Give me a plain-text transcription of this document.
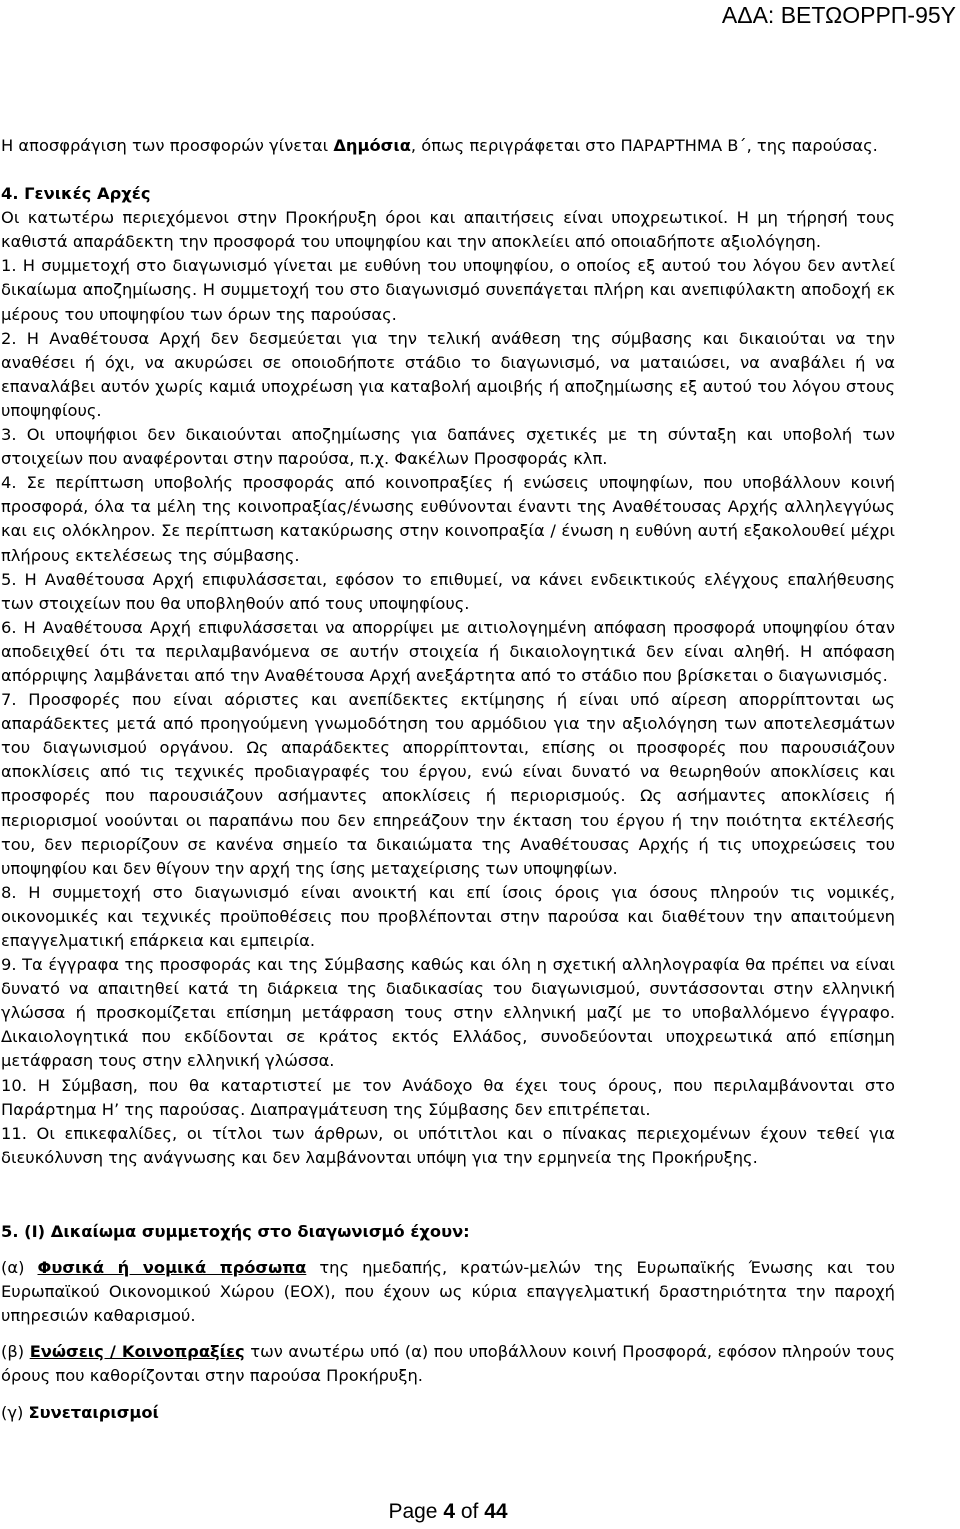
ΑΔΑ: ΒΕΤΩΟΡΡΠ-95Υ

Η αποσφράγιση των προσφορών γίνεται Δημόσια, όπως περιγράφεται στο ΠΑΡΑΡΤΗΜΑ Β΄, της παρούσας.

4. Γενικές Αρχές

Οι κατωτέρω περιεχόμενοι στην Προκήρυξη όροι και απαιτήσεις είναι υποχρεωτικοί. Η μη τήρησή τους καθιστά απαράδεκτη την προσφορά του υποψηφίου και την αποκλείει από οποιαδήποτε αξιολόγηση.

1. Η συμμετοχή στο διαγωνισμό γίνεται με ευθύνη του υποψηφίου, ο οποίος εξ αυτού του λόγου δεν αντλεί δικαίωμα αποζημίωσης. Η συμμετοχή του στο διαγωνισμό συνεπάγεται πλήρη και ανεπιφύλακτη αποδοχή εκ μέρους του υποψηφίου των όρων της παρούσας.

2. Η Αναθέτουσα Αρχή δεν δεσμεύεται για την τελική ανάθεση της σύμβασης και δικαιούται να την αναθέσει ή όχι, να ακυρώσει σε οποιοδήποτε στάδιο το διαγωνισμό, να ματαιώσει, να αναβάλει ή να επαναλάβει αυτόν χωρίς καμιά υποχρέωση για καταβολή αμοιβής ή αποζημίωσης εξ αυτού του λόγου στους υποψηφίους.

3. Οι υποψήφιοι δεν δικαιούνται αποζημίωσης για δαπάνες σχετικές με τη σύνταξη και υποβολή των στοιχείων που αναφέρονται στην παρούσα, π.χ. Φακέλων Προσφοράς κλπ.

4. Σε περίπτωση υποβολής προσφοράς από κοινοπραξίες ή ενώσεις υποψηφίων, που υποβάλλουν κοινή προσφορά, όλα τα μέλη της κοινοπραξίας/ένωσης ευθύνονται έναντι της Αναθέτουσας Αρχής αλληλεγγύως και εις ολόκληρον. Σε περίπτωση κατακύρωσης στην κοινοπραξία / ένωση η ευθύνη αυτή εξακολουθεί μέχρι πλήρους εκτελέσεως της σύμβασης.

5. Η Αναθέτουσα Αρχή επιφυλάσσεται, εφόσον το επιθυμεί, να κάνει ενδεικτικούς ελέγχους επαλήθευσης των στοιχείων που θα υποβληθούν από τους υποψηφίους.

6. Η Αναθέτουσα Αρχή επιφυλάσσεται να απορρίψει με αιτιολογημένη απόφαση προσφορά υποψηφίου όταν αποδειχθεί ότι τα περιλαμβανόμενα σε αυτήν στοιχεία ή δικαιολογητικά δεν είναι αληθή. Η απόφαση απόρριψης λαμβάνεται από την Αναθέτουσα Αρχή ανεξάρτητα από το στάδιο που βρίσκεται ο διαγωνισμός.

7. Προσφορές που είναι αόριστες και ανεπίδεκτες εκτίμησης ή είναι υπό αίρεση απορρίπτονται ως απαράδεκτες μετά από προηγούμενη γνωμοδότηση του αρμόδιου για την αξιολόγηση των αποτελεσμάτων του διαγωνισμού οργάνου. Ως απαράδεκτες απορρίπτονται, επίσης οι προσφορές που παρουσιάζουν αποκλίσεις από τις τεχνικές προδιαγραφές του έργου, ενώ είναι δυνατό να θεωρηθούν αποκλίσεις και προσφορές που παρουσιάζουν ασήμαντες αποκλίσεις ή περιορισμούς. Ως ασήμαντες αποκλίσεις ή περιορισμοί νοούνται οι παραπάνω που δεν επηρεάζουν την έκταση του έργου ή την ποιότητα εκτέλεσής του, δεν περιορίζουν σε κανένα σημείο τα δικαιώματα της Αναθέτουσας Αρχής ή τις υποχρεώσεις του υποψηφίου και δεν θίγουν την αρχή της ίσης μεταχείρισης των υποψηφίων.

8. Η συμμετοχή στο διαγωνισμό είναι ανοικτή και επί ίσοις όροις για όσους πληρούν τις νομικές, οικονομικές και τεχνικές προϋποθέσεις που προβλέπονται στην παρούσα και διαθέτουν την απαιτούμενη επαγγελματική επάρκεια και εμπειρία.

9. Τα έγγραφα της προσφοράς και της Σύμβασης καθώς και όλη η σχετική αλληλογραφία θα πρέπει να είναι δυνατό να απαιτηθεί κατά τη διάρκεια της διαδικασίας του διαγωνισμού, συντάσσονται στην ελληνική γλώσσα ή προσκομίζεται επίσημη μετάφραση τους στην ελληνική μαζί με το υποβαλλόμενο έγγραφο. Δικαιολογητικά που εκδίδονται σε κράτος εκτός Ελλάδος, συνοδεύονται υποχρεωτικά από επίσημη μετάφραση τους στην ελληνική γλώσσα.

10. Η Σύμβαση, που θα καταρτιστεί με τον Ανάδοχο θα έχει τους όρους, που περιλαμβάνονται στο Παράρτημα Η’ της παρούσας. Διαπραγμάτευση της Σύμβασης δεν επιτρέπεται.

11. Οι επικεφαλίδες, οι τίτλοι των άρθρων, οι υπότιτλοι και ο πίνακας περιεχομένων έχουν τεθεί για διευκόλυνση της ανάγνωσης και δεν λαμβάνονται υπόψη για την ερμηνεία της Προκήρυξης.

5. (Ι) Δικαίωμα συμμετοχής στο διαγωνισμό έχουν:

(α) Φυσικά ή νομικά πρόσωπα της ημεδαπής, κρατών-μελών της Ευρωπαϊκής Ένωσης και του Ευρωπαϊκού Οικονομικού Χώρου (ΕΟΧ), που έχουν ως κύρια επαγγελματική δραστηριότητα την παροχή υπηρεσιών καθαρισμού.

(β) Ενώσεις / Κοινοπραξίες των ανωτέρω υπό (α) που υποβάλλουν κοινή Προσφορά, εφόσον πληρούν τους όρους που καθορίζονται στην παρούσα Προκήρυξη.

(γ) Συνεταιρισμοί

Page 4 of 44
